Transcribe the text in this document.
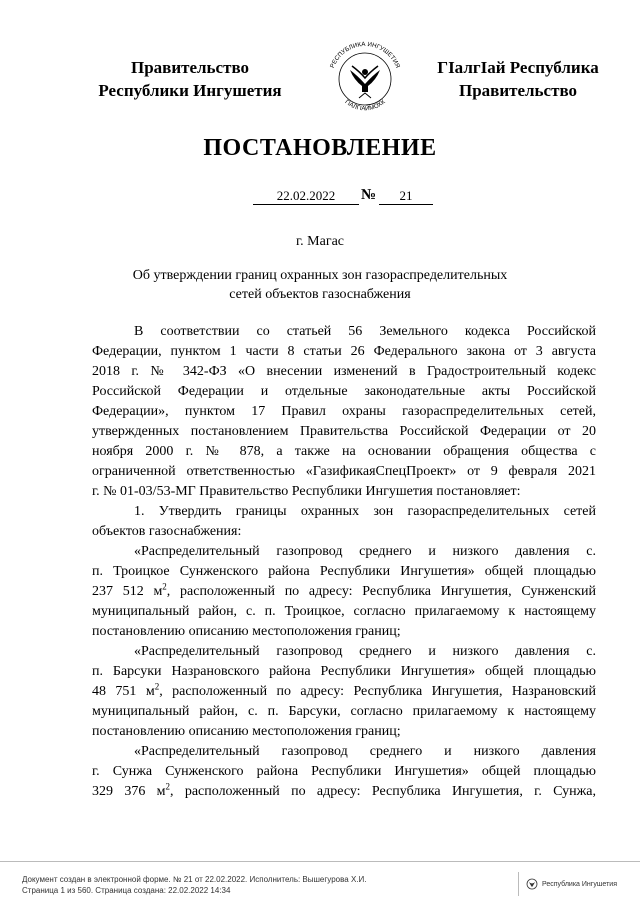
Правительство
Республики Ингушетия
РЕСПУБЛИКА ИНГУШЕТИЯ
ГIАЛГIАЙМОХК
ГIалгIай Республика
Правительство
ПОСТАНОВЛЕНИЕ
22.02.2022	№	21
г. Магас
Об утверждении границ охранных зон газораспределительных
сетей объектов газоснабжения

В соответствии со статьей 56 Земельного кодекса Российской

Федерации, пунктом 1 части 8 статьи 26 Федерального закона от 3 августа

2018 г. № 342-ФЗ «О внесении изменений в Градостроительный кодекс

Российской Федерации и отдельные законодательные акты Российской

Федерации», пунктом 17 Правил охраны газораспределительных сетей,

утвержденных постановлением Правительства Российской Федерации от 20

ноября 2000 г. № 878, а также на основании обращения общества с

ограниченной ответственностью «ГазификаяСпецПроект» от 9 февраля 2021

г. № 01-03/53-МГ Правительство Республики Ингушетия постановляет:

1. Утвердить границы охранных зон газораспределительных сетей

объектов газоснабжения:

«Распределительный газопровод среднего и низкого давления с.

п. Троицкое Сунженского района Республики Ингушетия» общей площадью

237 512 $м^2$, расположенный по адресу: Республика Ингушетия, Сунженский

муниципальный район, с. п. Троицкое, согласно прилагаемому к настоящему

постановлению описанию местоположения границ;

«Распределительный газопровод среднего и низкого давления с.

п. Барсуки Назрановского района Республики Ингушетия» общей площадью

48 751 $м^2$, расположенный по адресу: Республика Ингушетия, Назрановский

муниципальный район, с. п. Барсуки, согласно прилагаемому к настоящему

постановлению описанию местоположения границ;

«Распределительный газопровод среднего и низкого давления

г. Сунжа Сунженского района Республики Ингушетия» общей площадью

329 376 $м^2$, расположенный по адресу: Республика Ингушетия, г. Сунжа,

Документ создан в электронной форме. № 21 от 22.02.2022. Исполнитель: Вышегурова Х.И.
Страница 1 из 560. Страница создана: 22.02.2022 14:34
Республика Ингушетия
